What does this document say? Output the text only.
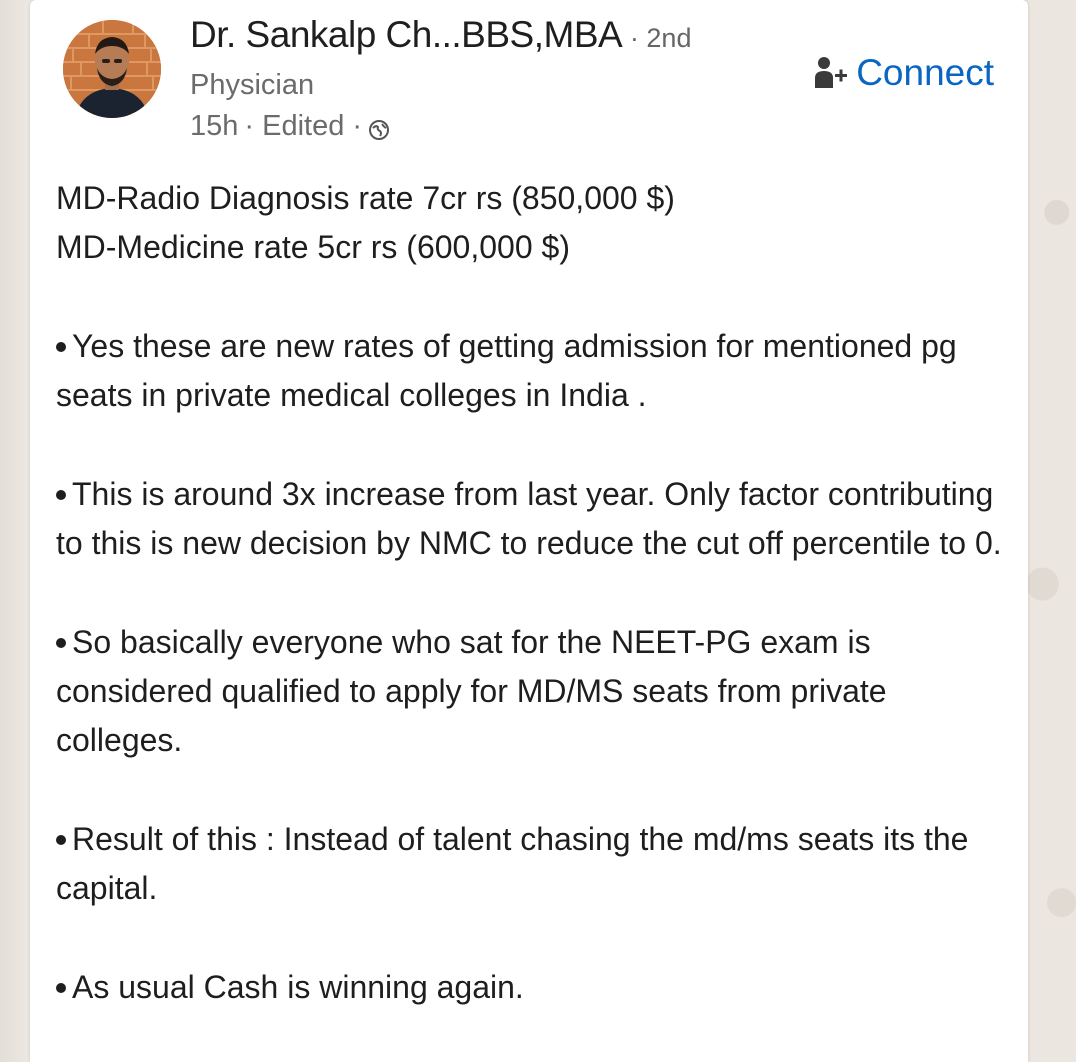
Dr. Sankalp Ch...BBS,MBA · 2nd
Physician
15h · Edited ·
Connect

MD-Radio Diagnosis rate 7cr rs (850,000 $)

MD-Medicine rate 5cr rs (600,000 $)

Yes these are new rates of getting admission for mentioned pg seats in private medical colleges in India .

This is around 3x increase from last year. Only factor contributing to this is new decision by NMC to reduce the cut off percentile to 0.

So basically everyone who sat for the NEET-PG exam is considered qualified to apply for MD/MS seats from private colleges.

Result of this : Instead of talent chasing the md/ms seats its the capital.

As usual Cash is winning again.
